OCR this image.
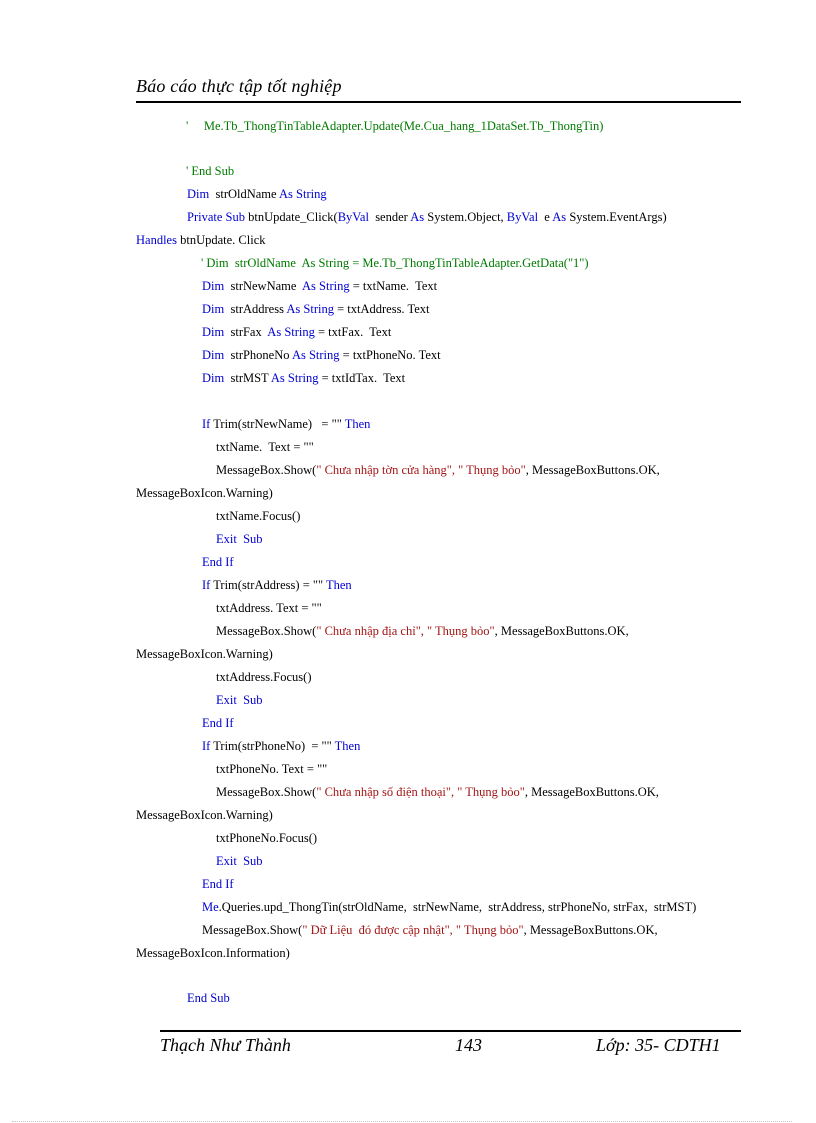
Báo cáo thực tập tốt nghiệp
'     Me.Tb_ThongTinTableAdapter.Update(Me.Cua_hang_1DataSet.Tb_ThongTin)
' End Sub
Dim  strOldName As String
Private Sub btnUpdate_Click(ByVal  sender As System.Object, ByVal  e As System.EventArgs)
Handles btnUpdate. Click
' Dim  strOldName  As String = Me.Tb_ThongTinTableAdapter.GetData("1")
Dim  strNewName  As String = txtName.  Text
Dim  strAddress As String = txtAddress. Text
Dim  strFax  As String = txtFax.  Text
Dim  strPhoneNo As String = txtPhoneNo. Text
Dim  strMST As String = txtIdTax.  Text
If Trim(strNewName)   = "" Then
txtName.  Text = ""
MessageBox.Show(" Chưa nhập tờn cửa hàng", " Thụng bỏo", MessageBoxButtons.OK,
MessageBoxIcon.Warning)
txtName.Focus()
Exit  Sub
End If
If Trim(strAddress) = "" Then
txtAddress. Text = ""
MessageBox.Show(" Chưa nhập địa chỉ", " Thụng bỏo", MessageBoxButtons.OK,
MessageBoxIcon.Warning)
txtAddress.Focus()
Exit  Sub
End If
If Trim(strPhoneNo)  = "" Then
txtPhoneNo. Text = ""
MessageBox.Show(" Chưa nhập số điện thoại", " Thụng bỏo", MessageBoxButtons.OK,
MessageBoxIcon.Warning)
txtPhoneNo.Focus()
Exit  Sub
End If
Me.Queries.upd_ThongTin(strOldName,  strNewName,  strAddress, strPhoneNo, strFax,  strMST)
MessageBox.Show(" Dữ Liệu  đó được cập nhật", " Thụng bỏo", MessageBoxButtons.OK,
MessageBoxIcon.Information)
End Sub
Thạch Như Thành	143	Lớp: 35- CDTH1
